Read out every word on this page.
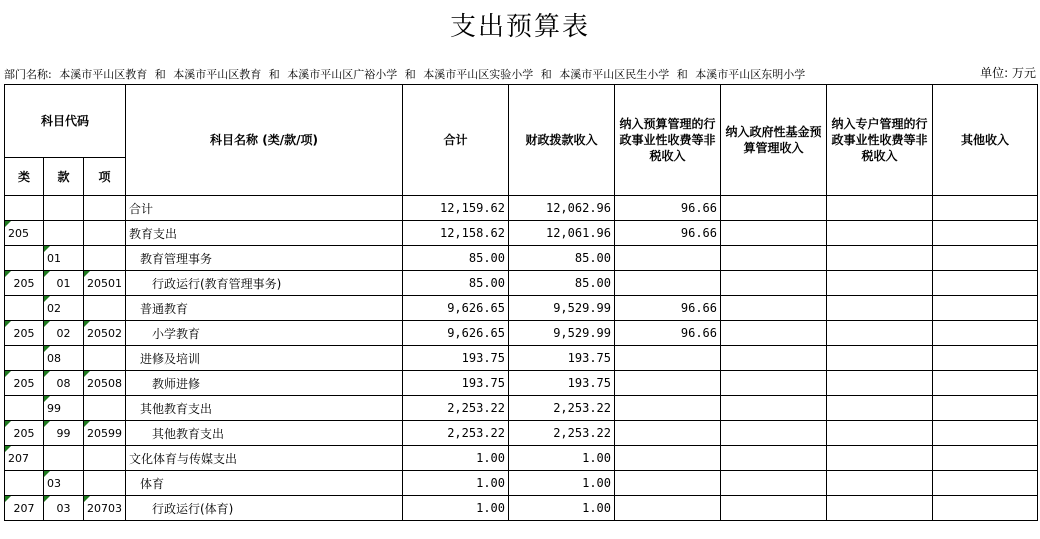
支出预算表
部门名称: 本溪市平山区教育 和 本溪市平山区教育 和 本溪市平山区广裕小学 和 本溪市平山区实验小学 和 本溪市平山区民生小学 和 本溪市平山区东明小学	单位: 万元
科目代码			科目名称 (类/款/项)	合计	财政拨款收入	纳入预算管理的行政事业性收费等非税收入	纳入政府性基金预算管理收入	纳入专户管理的行政事业性收费等非税收入	其他收入
类	款	项							
			合计	12,159.62	12,062.96	96.66			
205			教育支出	12,158.62	12,061.96	96.66			
	01		教育管理事务	85.00	85.00				
205	01	20501	行政运行(教育管理事务)	85.00	85.00				
	02		普通教育	9,626.65	9,529.99	96.66			
205	02	20502	小学教育	9,626.65	9,529.99	96.66			
	08		进修及培训	193.75	193.75				
205	08	20508	教师进修	193.75	193.75				
	99		其他教育支出	2,253.22	2,253.22				
205	99	20599	其他教育支出	2,253.22	2,253.22				
207			文化体育与传媒支出	1.00	1.00				
	03		体育	1.00	1.00				
207	03	20703	行政运行(体育)	1.00	1.00				
